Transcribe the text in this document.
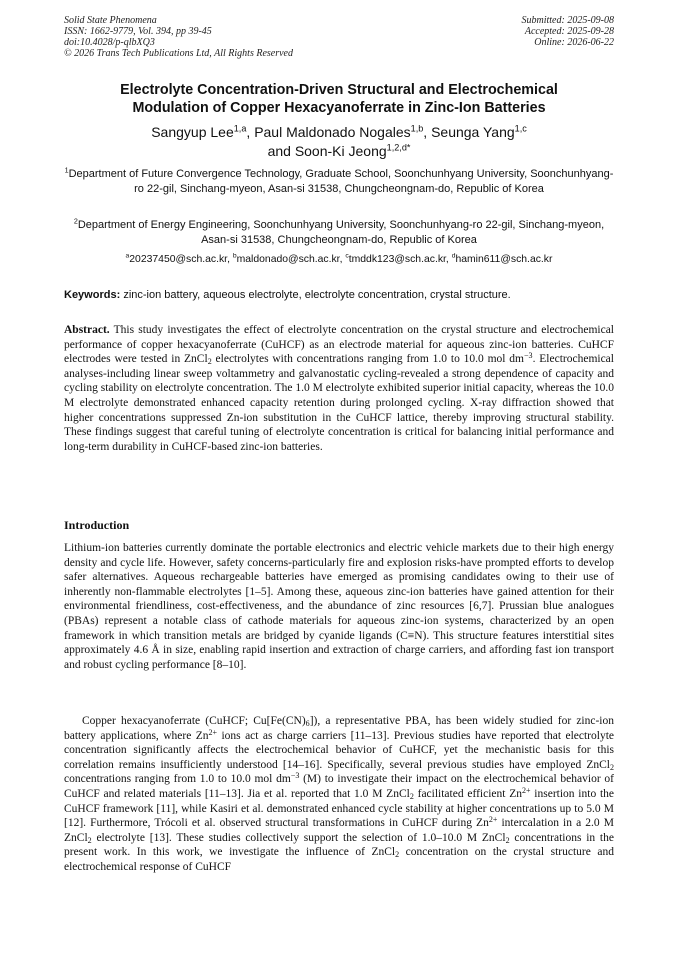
Solid State Phenomena
ISSN: 1662-9779, Vol. 394, pp 39-45
doi:10.4028/p-qlbXQ3
© 2026 Trans Tech Publications Ltd, All Rights Reserved
Submitted: 2025-09-08
Accepted: 2025-09-28
Online: 2026-06-22
Electrolyte Concentration-Driven Structural and Electrochemical
Modulation of Copper Hexacyanoferrate in Zinc-Ion Batteries
Sangyup Lee$^{1,a}$, Paul Maldonado Nogales$^{1,b}$, Seunga Yang$^{1,c}$
and Soon-Ki Jeong$^{1,2,d*}$
$^1$Department of Future Convergence Technology, Graduate School, Soonchunhyang University, Soonchunhyang-ro 22-gil, Sinchang-myeon, Asan-si 31538, Chungcheongnam-do, Republic of Korea
$^2$Department of Energy Engineering, Soonchunhyang University, Soonchunhyang-ro 22-gil, Sinchang-myeon, Asan-si 31538, Chungcheongnam-do, Republic of Korea
$^a$20237450@sch.ac.kr, $^b$maldonado@sch.ac.kr, $^c$tmddk123@sch.ac.kr, $^d$hamin611@sch.ac.kr
Keywords: zinc-ion battery, aqueous electrolyte, electrolyte concentration, crystal structure.
Abstract. This study investigates the effect of electrolyte concentration on the crystal structure and electrochemical performance of copper hexacyanoferrate (CuHCF) as an electrode material for aqueous zinc-ion batteries. CuHCF electrodes were tested in ZnCl$_2$ electrolytes with concentrations ranging from 1.0 to 10.0 mol $dm^{-3}$. Electrochemical analyses-including linear sweep voltammetry and galvanostatic cycling-revealed a strong dependence of capacity and cycling stability on electrolyte concentration. The 1.0 M electrolyte exhibited superior initial capacity, whereas the 10.0 M electrolyte demonstrated enhanced capacity retention during prolonged cycling. X-ray diffraction showed that higher concentrations suppressed Zn-ion substitution in the CuHCF lattice, thereby improving structural stability. These findings suggest that careful tuning of electrolyte concentration is critical for balancing initial performance and long-term durability in CuHCF-based zinc-ion batteries.
Introduction
Lithium-ion batteries currently dominate the portable electronics and electric vehicle markets due to their high energy density and cycle life. However, safety concerns-particularly fire and explosion risks-have prompted efforts to develop safer alternatives. Aqueous rechargeable batteries have emerged as promising candidates owing to their use of inherently non-flammable electrolytes [1–5]. Among these, aqueous zinc-ion batteries have gained attention for their environmental friendliness, cost-effectiveness, and the abundance of zinc resources [6,7]. Prussian blue analogues (PBAs) represent a notable class of cathode materials for aqueous zinc-ion systems, characterized by an open framework in which transition metals are bridged by cyanide ligands (C≡N). This structure features interstitial sites approximately 4.6 Å in size, enabling rapid insertion and extraction of charge carriers, and affording fast ion transport and robust cycling performance [8–10].
Copper hexacyanoferrate (CuHCF; $Cu[Fe(CN)_6]$), a representative PBA, has been widely studied for zinc-ion battery applications, where $Zn^{2+}$ ions act as charge carriers [11–13]. Previous studies have reported that electrolyte concentration significantly affects the electrochemical behavior of CuHCF, yet the mechanistic basis for this correlation remains insufficiently understood [14–16]. Specifically, several previous studies have employed ZnCl$_2$ concentrations ranging from 1.0 to 10.0 mol $dm^{-3}$ (M) to investigate their impact on the electrochemical behavior of CuHCF and related materials [11–13]. Jia et al. reported that 1.0 M ZnCl$_2$ facilitated efficient $Zn^{2+}$ insertion into the CuHCF framework [11], while Kasiri et al. demonstrated enhanced cycle stability at higher concentrations up to 5.0 M [12]. Furthermore, Trócoli et al. observed structural transformations in CuHCF during $Zn^{2+}$ intercalation in a 2.0 M ZnCl$_2$ electrolyte [13]. These studies collectively support the selection of 1.0–10.0 M ZnCl$_2$ concentrations in the present work. In this work, we investigate the influence of ZnCl$_2$ concentration on the crystal structure and electrochemical response of CuHCF
